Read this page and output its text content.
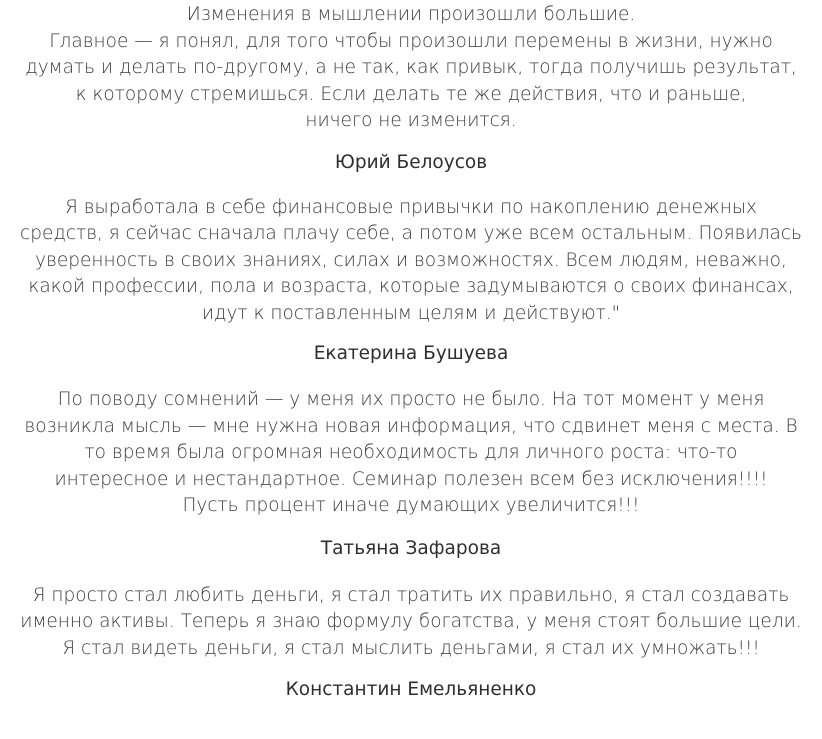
Изменения в мышлении произошли большие.
Главное — я понял, для того чтобы произошли перемены в жизни, нужно
думать и делать по-другому, а не так, как привык, тогда получишь результат,
к которому стремишься. Если делать те же действия, что и раньше,
ничего не изменится.

Юрий Белоусов

Я выработала в себе финансовые привычки по накоплению денежных
средств, я сейчас сначала плачу себе, а потом уже всем остальным. Появилась
уверенность в своих знаниях, силах и возможностях. Всем людям, неважно,
какой профессии, пола и возраста, которые задумываются о своих финансах,
идут к поставленным целям и действуют."

Екатерина Бушуева

По поводу сомнений — у меня их просто не было. На тот момент у меня
возникла мысль — мне нужна новая информация, что сдвинет меня с места. В
то время была огромная необходимость для личного роста: что-то
интересное и нестандартное. Семинар полезен всем без исключения!!!!
Пусть процент иначе думающих увеличится!!!

Татьяна Зафарова

Я просто стал любить деньги, я стал тратить их правильно, я стал создавать
именно активы. Теперь я знаю формулу богатства, у меня стоят большие цели.
Я стал видеть деньги, я стал мыслить деньгами, я стал их умножать!!!

Константин Емельяненко
